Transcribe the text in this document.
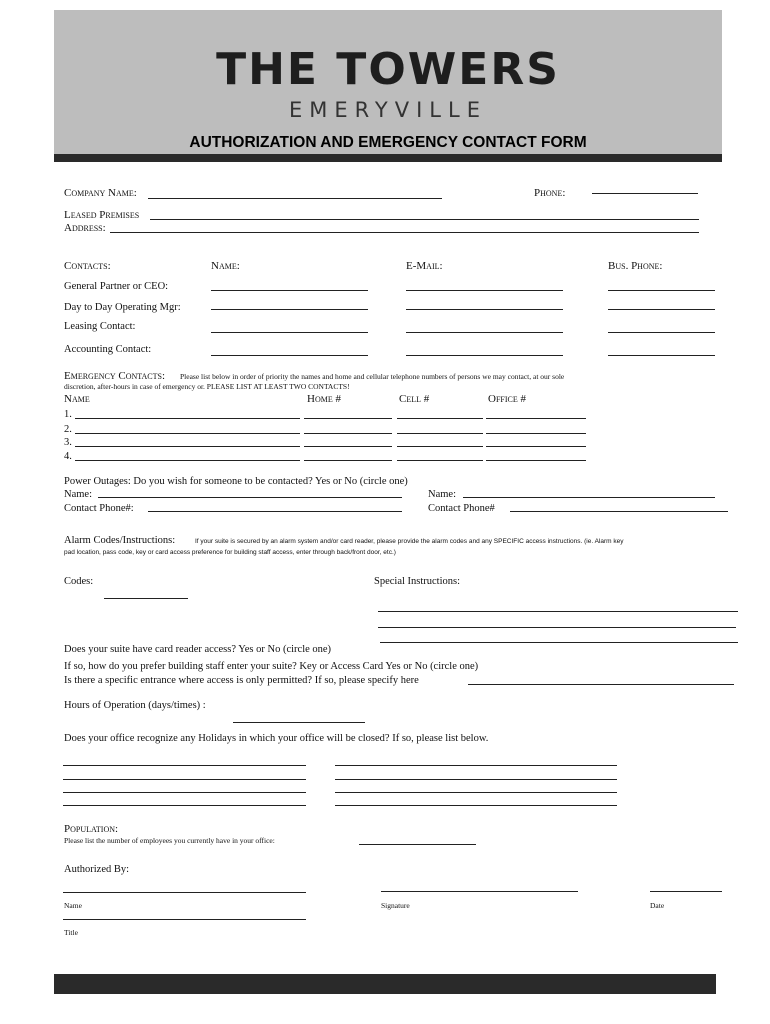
THE TOWERS
EMERYVILLE
AUTHORIZATION AND EMERGENCY CONTACT FORM
Company Name:	Phone:
Leased Premises
Address:
Contacts:	Name:	E-Mail:	Bus. Phone:
General Partner or CEO:
Day to Day Operating Mgr:
Leasing Contact:
Accounting Contact:
Emergency Contacts: Please list below in order of priority the names and home and cellular telephone numbers of persons we may contact, at our sole
discretion, after-hours in case of emergency or. PLEASE LIST AT LEAST TWO CONTACTS!
Name	Home #	Cell #	Office #
1.
2.
3.
4.
Power Outages: Do you wish for someone to be contacted? Yes or No (circle one)
Name:	Name:
Contact Phone#:	Contact Phone#
Alarm Codes/Instructions:	If your suite is secured by an alarm system and/or card reader, please provide the alarm codes and any SPECIFIC access instructions. (ie. Alarm key
pad location, pass code, key or card access preference for building staff access, enter through back/front door, etc.)
Codes:	Special Instructions:
Does your suite have card reader access? Yes or No (circle one)
If so, how do you prefer building staff enter your suite? Key or Access Card Yes or No (circle one)
Is there a specific entrance where access is only permitted? If so, please specify here
Hours of Operation (days/times) :
Does your office recognize any Holidays in which your office will be closed? If so, please list below.
Population:
Please list the number of employees you currently have in your office:
Authorized By:
Name	Signature	Date
Title
